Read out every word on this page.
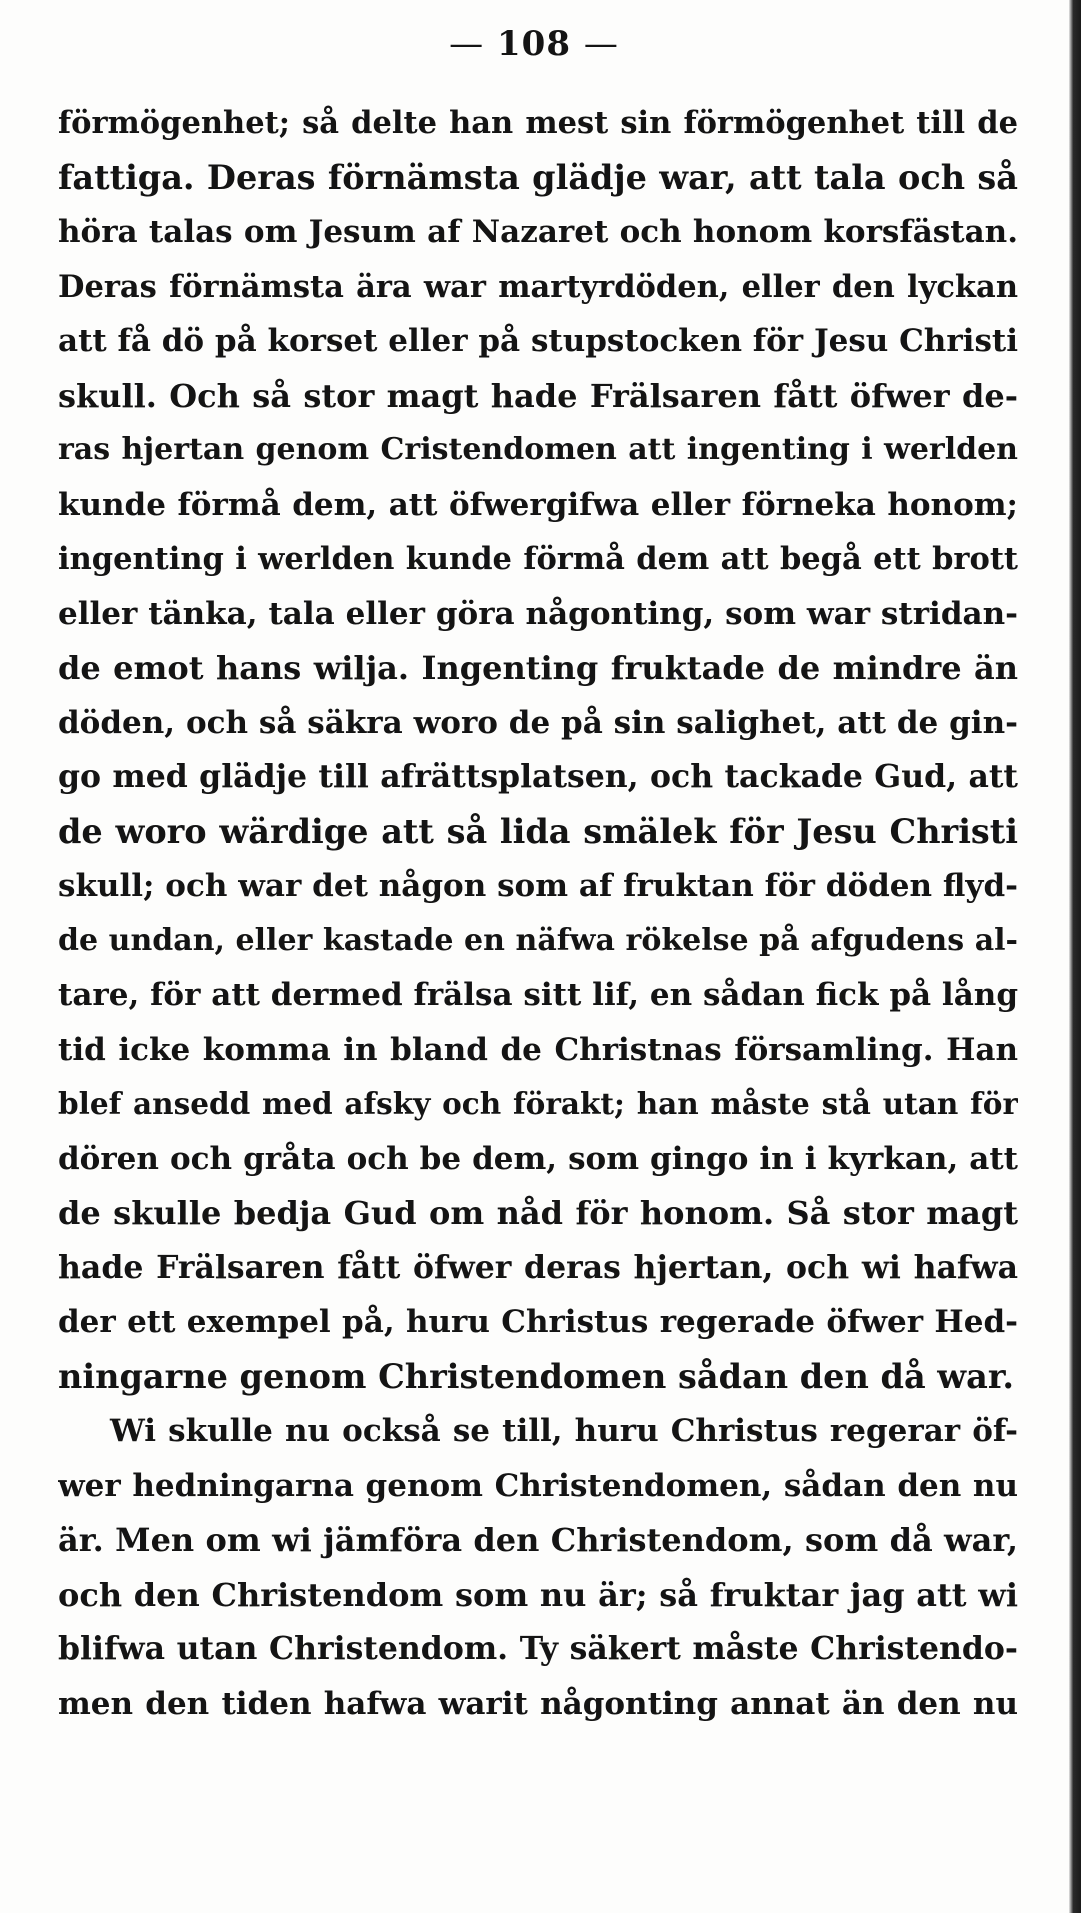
— 108 —
förmögenhet; så delte han mest sin förmögenhet till de
fattiga. Deras förnämsta glädje war, att tala och så
höra talas om Jesum af Nazaret och honom korsfästan.
Deras förnämsta ära war martyrdöden, eller den lyckan
att få dö på korset eller på stupstocken för Jesu Christi
skull. Och så stor magt hade Frälsaren fått öfwer de-
ras hjertan genom Cristendomen att ingenting i werlden
kunde förmå dem, att öfwergifwa eller förneka honom;
ingenting i werlden kunde förmå dem att begå ett brott
eller tänka, tala eller göra någonting, som war stridan-
de emot hans wilja. Ingenting fruktade de mindre än
döden, och så säkra woro de på sin salighet, att de gin-
go med glädje till afrättsplatsen, och tackade Gud, att
de woro wärdige att så lida smälek för Jesu Christi
skull; och war det någon som af fruktan för döden flyd-
de undan, eller kastade en näfwa rökelse på afgudens al-
tare, för att dermed frälsa sitt lif, en sådan fick på lång
tid icke komma in bland de Christnas församling. Han
blef ansedd med afsky och förakt; han måste stå utan för
dören och gråta och be dem, som gingo in i kyrkan, att
de skulle bedja Gud om nåd för honom. Så stor magt
hade Frälsaren fått öfwer deras hjertan, och wi hafwa
der ett exempel på, huru Christus regerade öfwer Hed-
ningarne genom Christendomen sådan den då war.
Wi skulle nu också se till, huru Christus regerar öf-
wer hedningarna genom Christendomen, sådan den nu
är. Men om wi jämföra den Christendom, som då war,
och den Christendom som nu är; så fruktar jag att wi
blifwa utan Christendom. Ty säkert måste Christendo-
men den tiden hafwa warit någonting annat än den nu
